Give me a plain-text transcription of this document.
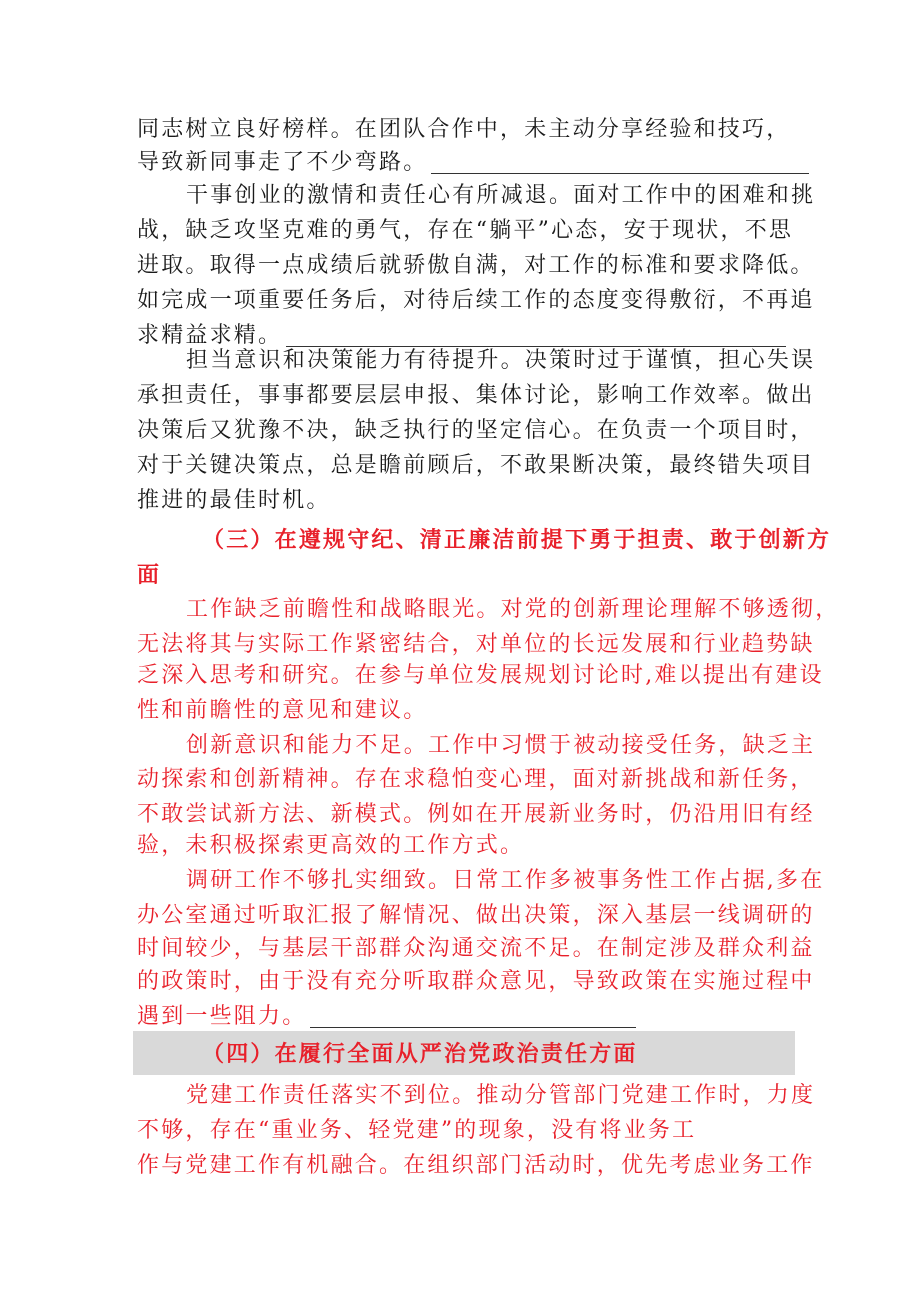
同志树立良好榜样。在团队合作中，未主动分享经验和技巧，
导致新同事走了不少弯路。
干事创业的激情和责任心有所减退。面对工作中的困难和挑
战，缺乏攻坚克难的勇气，存在“躺平”心态，安于现状，不思
进取。取得一点成绩后就骄傲自满，对工作的标准和要求降低。
如完成一项重要任务后，对待后续工作的态度变得敷衍，不再追
求精益求精。
担当意识和决策能力有待提升。决策时过于谨慎，担心失误
承担责任，事事都要层层申报、集体讨论，影响工作效率。做出
决策后又犹豫不决，缺乏执行的坚定信心。在负责一个项目时，
对于关键决策点，总是瞻前顾后，不敢果断决策，最终错失项目
推进的最佳时机。
（三）在遵规守纪、清正廉洁前提下勇于担责、敢于创新方
面
工作缺乏前瞻性和战略眼光。对党的创新理论理解不够透彻，
无法将其与实际工作紧密结合，对单位的长远发展和行业趋势缺
乏深入思考和研究。在参与单位发展规划讨论时,难以提出有建设
性和前瞻性的意见和建议。
创新意识和能力不足。工作中习惯于被动接受任务，缺乏主
动探索和创新精神。存在求稳怕变心理，面对新挑战和新任务，
不敢尝试新方法、新模式。例如在开展新业务时，仍沿用旧有经
验，未积极探索更高效的工作方式。
调研工作不够扎实细致。日常工作多被事务性工作占据,多在
办公室通过听取汇报了解情况、做出决策，深入基层一线调研的
时间较少，与基层干部群众沟通交流不足。在制定涉及群众利益
的政策时，由于没有充分听取群众意见，导致政策在实施过程中
遇到一些阻力。
（四）在履行全面从严治党政治责任方面
党建工作责任落实不到位。推动分管部门党建工作时，力度
不够，存在“重业务、轻党建”的现象，没有将业务工
作与党建工作有机融合。在组织部门活动时，优先考虑业务工作
